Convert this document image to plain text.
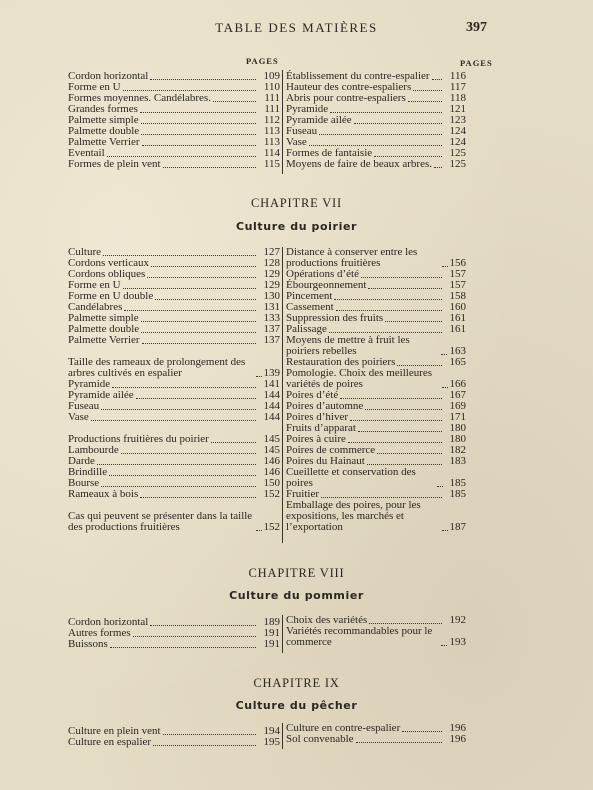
TABLE DES MATIÈRES	397
PAGES	PAGES
Cordon horizontal	109
Forme en U	110
Formes moyennes. Candélabres.	111
Grandes formes	111
Palmette simple	112
Palmette double	113
Palmette Verrier	113
Eventail	114
Formes de plein vent	115
Établissement du contre-espalier	116
Hauteur des contre-espaliers	117
Abris pour contre-espaliers	118
Pyramide	121
Pyramide ailée	123
Fuseau	124
Vase	124
Formes de fantaisie	125
Moyens de faire de beaux arbres.	125
CHAPITRE VII
Culture du poirier
Culture	127
Cordons verticaux	128
Cordons obliques	129
Forme en U	129
Forme en U double	130
Candélabres	131
Palmette simple	133
Palmette double	137
Palmette Verrier	137
Taille des rameaux de prolongement des arbres cultivés en espalier	139
Pyramide	141
Pyramide ailée	144
Fuseau	144
Vase	144
Productions fruitières du poirier	145
Lambourde	145
Darde	146
Brindille	146
Bourse	150
Rameaux à bois	152
Cas qui peuvent se présenter dans la taille des productions fruitières	152
Distance à conserver entre les productions fruitières	156
Opérations d’été	157
Ébourgeonnement	157
Pincement	158
Cassement	160
Suppression des fruits	161
Palissage	161
Moyens de mettre à fruit les poiriers rebelles	163
Restauration des poiriers	165
Pomologie. Choix des meilleures variétés de poires	166
Poires d’été	167
Poires d’automne	169
Poires d’hiver	171
Fruits d’apparat	180
Poires à cuire	180
Poires de commerce	182
Poires du Hainaut	183
Cueillette et conservation des poires	185
Fruitier	185
Emballage des poires, pour les expositions, les marchés et l’exportation	187
CHAPITRE VIII
Culture du pommier
Cordon horizontal	189
Autres formes	191
Buissons	191
Choix des variétés	192
Variétés recommandables pour le commerce	193
CHAPITRE IX
Culture du pêcher
Culture en plein vent	194
Culture en espalier	195
Culture en contre-espalier	196
Sol convenable	196
